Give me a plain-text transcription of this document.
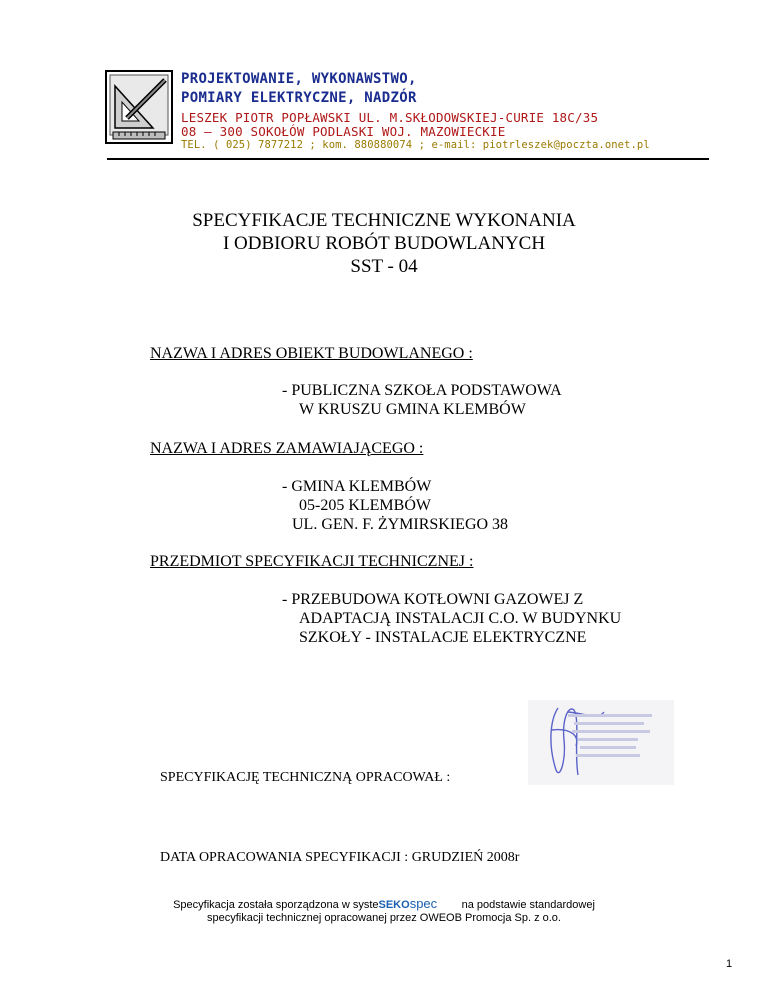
PROJEKTOWANIE, WYKONAWSTWO,
POMIARY ELEKTRYCZNE, NADZÓR
LESZEK PIOTR POPŁAWSKI UL. M.SKŁODOWSKIEJ-CURIE 18C/35
08 – 300 SOKOŁÓW PODLASKI WOJ. MAZOWIECKIE
TEL. ( 025) 7877212 ; kom. 880880074 ; e-mail: piotrleszek@poczta.onet.pl
SPECYFIKACJE TECHNICZNE WYKONANIA
I ODBIORU ROBÓT BUDOWLANYCH
SST - 04
NAZWA I ADRES OBIEKT BUDOWLANEGO :
- PUBLICZNA SZKOŁA PODSTAWOWA
W KRUSZU GMINA KLEMBÓW
NAZWA I ADRES ZAMAWIAJĄCEGO :
- GMINA KLEMBÓW
05-205 KLEMBÓW
UL. GEN. F. ŻYMIRSKIEGO 38
PRZEDMIOT SPECYFIKACJI TECHNICZNEJ :
- PRZEBUDOWA KOTŁOWNI GAZOWEJ Z
ADAPTACJĄ INSTALACJI C.O. W BUDYNKU
SZKOŁY - INSTALACJE ELEKTRYCZNE
SPECYFIKACJĘ TECHNICZNĄ OPRACOWAŁ :
DATA OPRACOWANIA SPECYFIKACJI : GRUDZIEŃ 2008r
Specyfikacja została sporządzona w systeSEKOspec na podstawie standardowej
specyfikacji technicznej opracowanej przez OWEOB Promocja Sp. z o.o.
1
